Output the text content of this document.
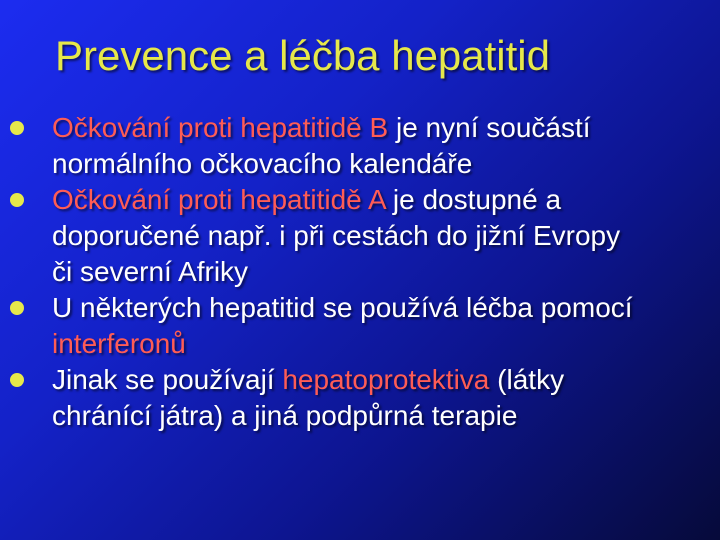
Prevence a léčba hepatitid
Očkování proti hepatitidě B je nyní součástí
normálního očkovacího kalendáře
Očkování proti hepatitidě A je dostupné a
doporučené např. i při cestách do jižní Evropy
či severní Afriky
U některých hepatitid se používá léčba pomocí
interferonů
Jinak se používají hepatoprotektiva (látky
chránící játra) a jiná podpůrná terapie
